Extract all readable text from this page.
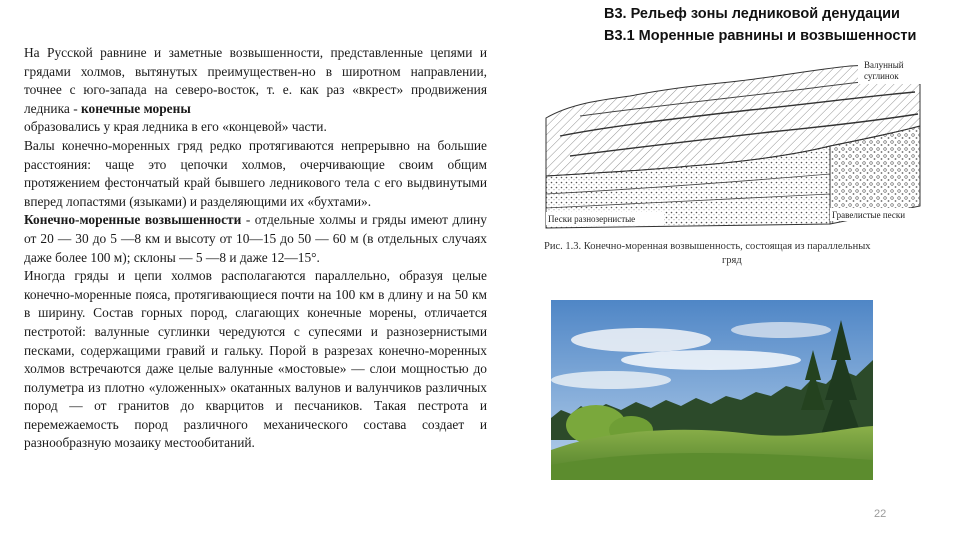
На Русской равнине и заметные возвышенности, представленные цепями и грядами холмов, вытянутых преимуществен-но в широтном направлении, точнее с юго-запада на северо-восток, т. е. как раз «вкрест» продвижения ледника - конечные морены
образовались у края ледника в его «концевой» части.

Валы конечно-моренных гряд редко протягиваются непрерывно на большие расстояния: чаще это цепочки холмов, очерчивающие своим общим протяжением фестончатый край бывшего ледникового тела с его выдвинутыми вперед лопастями (языками) и разделяющими их «бухтами».

Конечно-моренные возвышенности - отдельные холмы и гряды имеют длину от 20 — 30 до 5 —8 км и высоту от 10—15 до 50 — 60 м (в отдельных случаях даже более 100 м); склоны — 5 —8 и даже 12—15°.

Иногда гряды и цепи холмов располагаются параллельно, образуя целые конечно-моренные пояса, протягивающиеся почти на 100 км в длину и на 50 км в ширину. Состав горных пород, слагающих конечные морены, отличается пестротой: валунные суглинки чередуются с супесями и разнозернистыми песками, содержащими гравий и гальку. Порой в разрезах конечно-моренных холмов встречаются даже целые валунные «мостовые» — слои мощностью до полуметра из плотно «уложенных» окатанных валунов и валунчиков различных пород — от гранитов до кварцитов и песчаников. Такая пестрота и перемежаемость пород различного механического состава создает и разнообразную мозаику местообитаний.

В3. Рельеф зоны ледниковой денудации
В3.1 Моренные равнины и возвышенности
Валунный
суглинок
Пески разнозернистые	Гравелистые пески
Рис. 1.3. Конечно-моренная возвышенность, состоящая из параллельных
гряд
22
